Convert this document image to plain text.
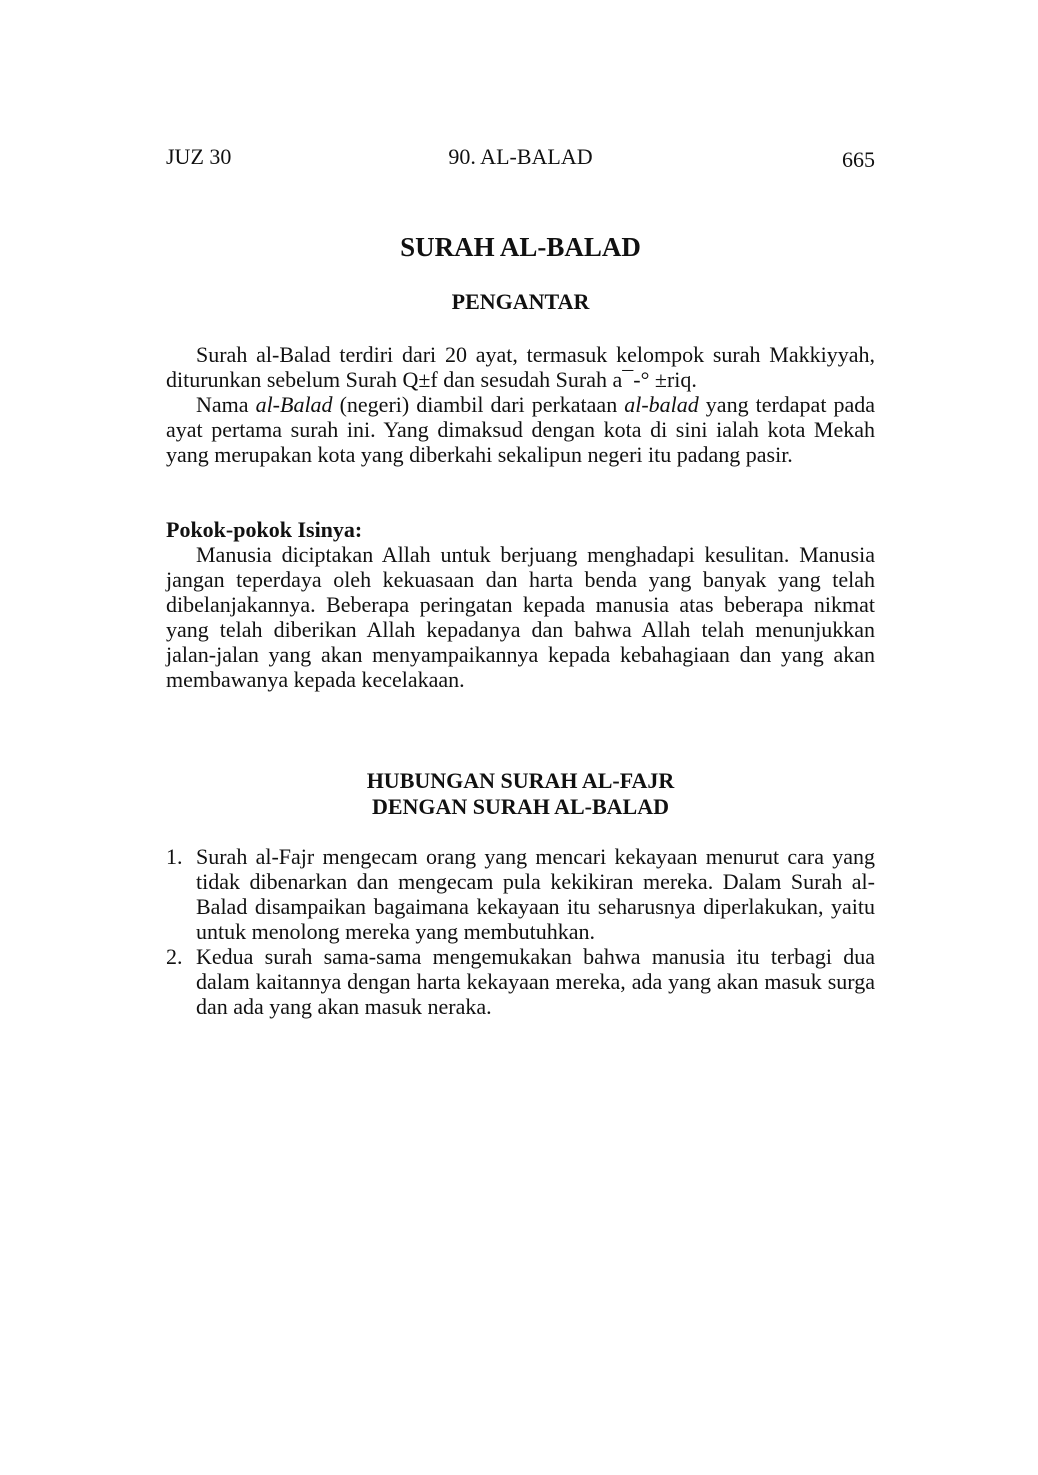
JUZ 30	90. AL-BALAD	665
SURAH AL-BALAD
PENGANTAR

Surah al-Balad terdiri dari 20 ayat, termasuk kelompok surah Makkiyyah, diturunkan sebelum Surah Q±f dan sesudah Surah a¯-° ±riq.

Nama al-Balad (negeri) diambil dari perkataan al-balad yang terdapat pada ayat pertama surah ini. Yang dimaksud dengan kota di sini ialah kota Mekah yang merupakan kota yang diberkahi sekalipun negeri itu padang pasir.

Pokok-pokok Isinya:

Manusia diciptakan Allah untuk berjuang menghadapi kesulitan. Manusia jangan teperdaya oleh kekuasaan dan harta benda yang banyak yang telah dibelanjakannya. Beberapa peringatan kepada manusia atas beberapa nikmat yang telah diberikan Allah kepadanya dan bahwa Allah telah menunjukkan jalan-jalan yang akan menyampaikannya kepada kebahagiaan dan yang akan membawanya kepada kecelakaan.

HUBUNGAN SURAH AL-FAJR
DENGAN SURAH AL-BALAD
1. Surah al-Fajr mengecam orang yang mencari kekayaan menurut cara yang tidak dibenarkan dan mengecam pula kekikiran mereka. Dalam Surah al-Balad disampaikan bagaimana kekayaan itu seharusnya diperlakukan, yaitu untuk menolong mereka yang membutuhkan.
2. Kedua surah sama-sama mengemukakan bahwa manusia itu terbagi dua dalam kaitannya dengan harta kekayaan mereka, ada yang akan masuk surga dan ada yang akan masuk neraka.
